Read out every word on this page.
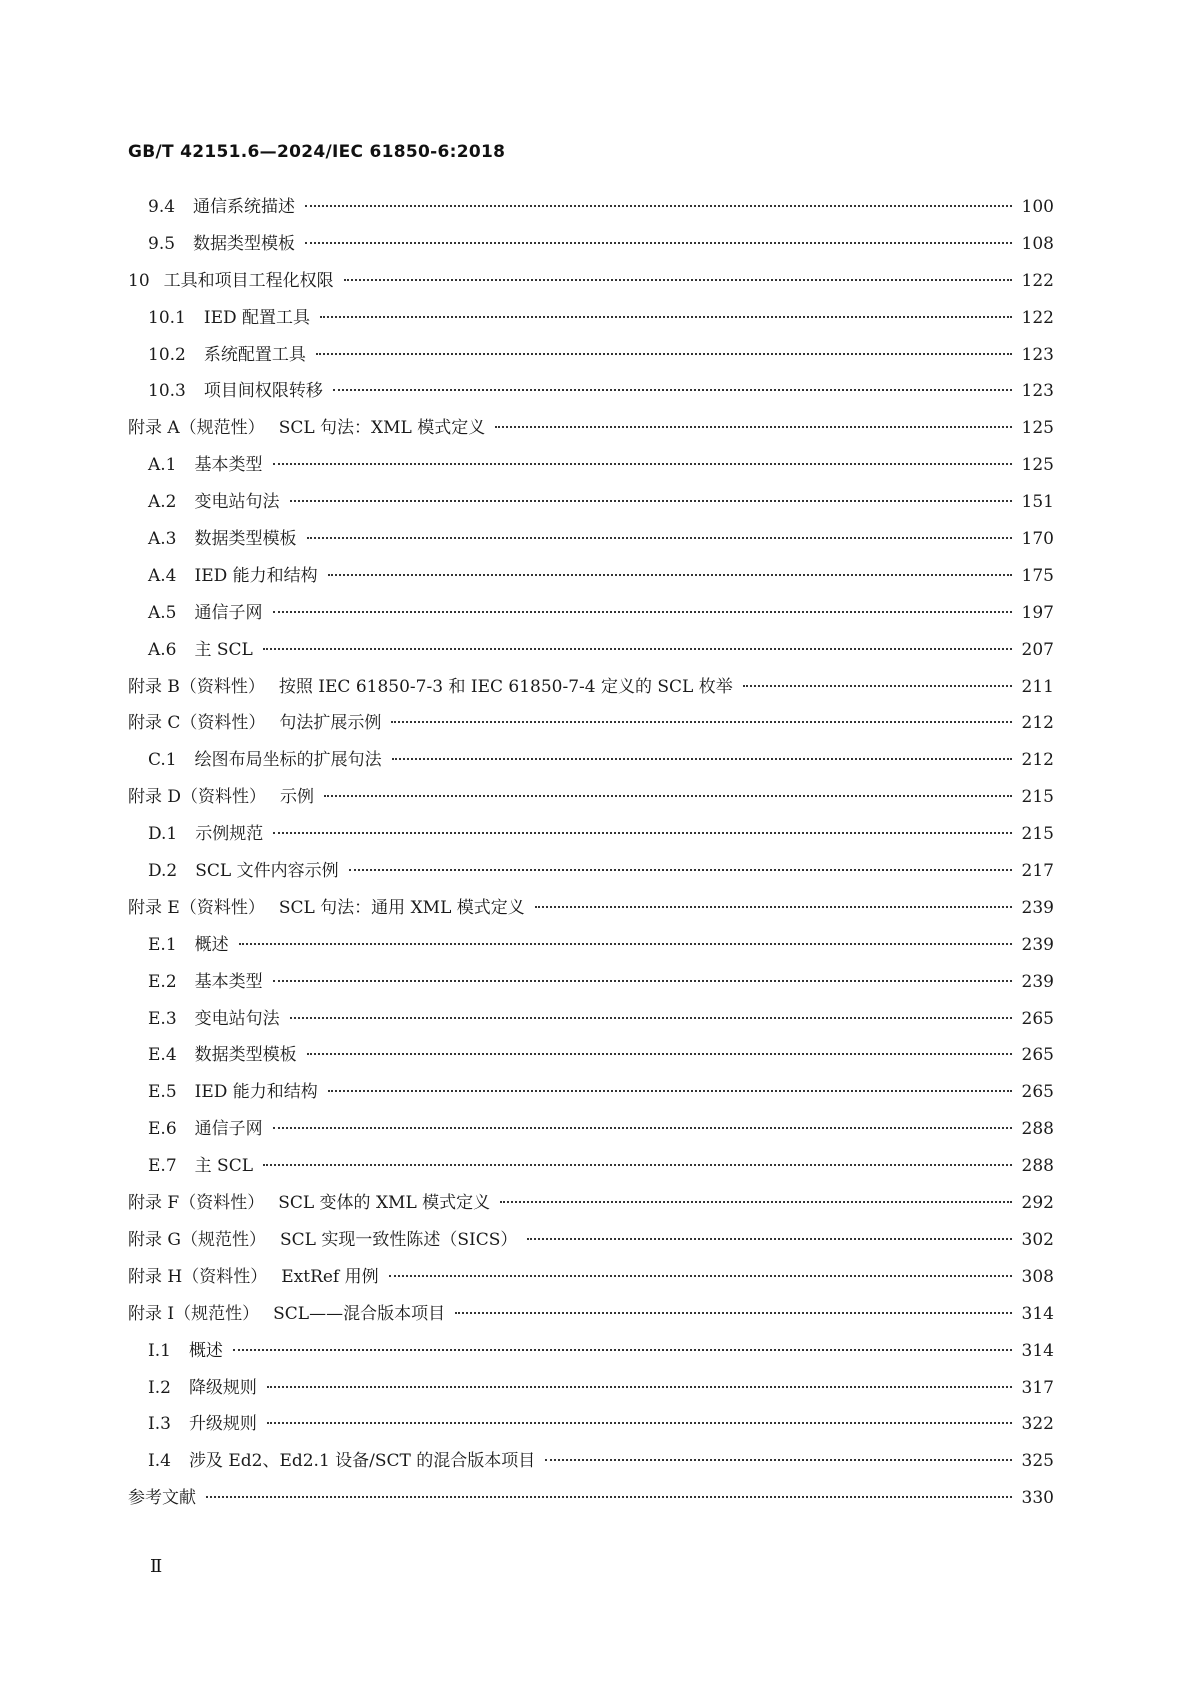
GB/T 42151.6—2024/IEC 61850-6:2018
9.4 通信系统描述	100
9.5 数据类型模板	108
10 工具和项目工程化权限	122
10.1 IED 配置工具	122
10.2 系统配置工具	123
10.3 项目间权限转移	123
附录 A（规范性） SCL 句法：XML 模式定义	125
A.1 基本类型	125
A.2 变电站句法	151
A.3 数据类型模板	170
A.4 IED 能力和结构	175
A.5 通信子网	197
A.6 主 SCL	207
附录 B（资料性） 按照 IEC 61850-7-3 和 IEC 61850-7-4 定义的 SCL 枚举	211
附录 C（资料性） 句法扩展示例	212
C.1 绘图布局坐标的扩展句法	212
附录 D（资料性） 示例	215
D.1 示例规范	215
D.2 SCL 文件内容示例	217
附录 E（资料性） SCL 句法：通用 XML 模式定义	239
E.1 概述	239
E.2 基本类型	239
E.3 变电站句法	265
E.4 数据类型模板	265
E.5 IED 能力和结构	265
E.6 通信子网	288
E.7 主 SCL	288
附录 F（资料性） SCL 变体的 XML 模式定义	292
附录 G（规范性） SCL 实现一致性陈述（SICS）	302
附录 H（资料性） ExtRef 用例	308
附录 I（规范性） SCL——混合版本项目	314
I.1 概述	314
I.2 降级规则	317
I.3 升级规则	322
I.4 涉及 Ed2、Ed2.1 设备/SCT 的混合版本项目	325
参考文献	330
Ⅱ
